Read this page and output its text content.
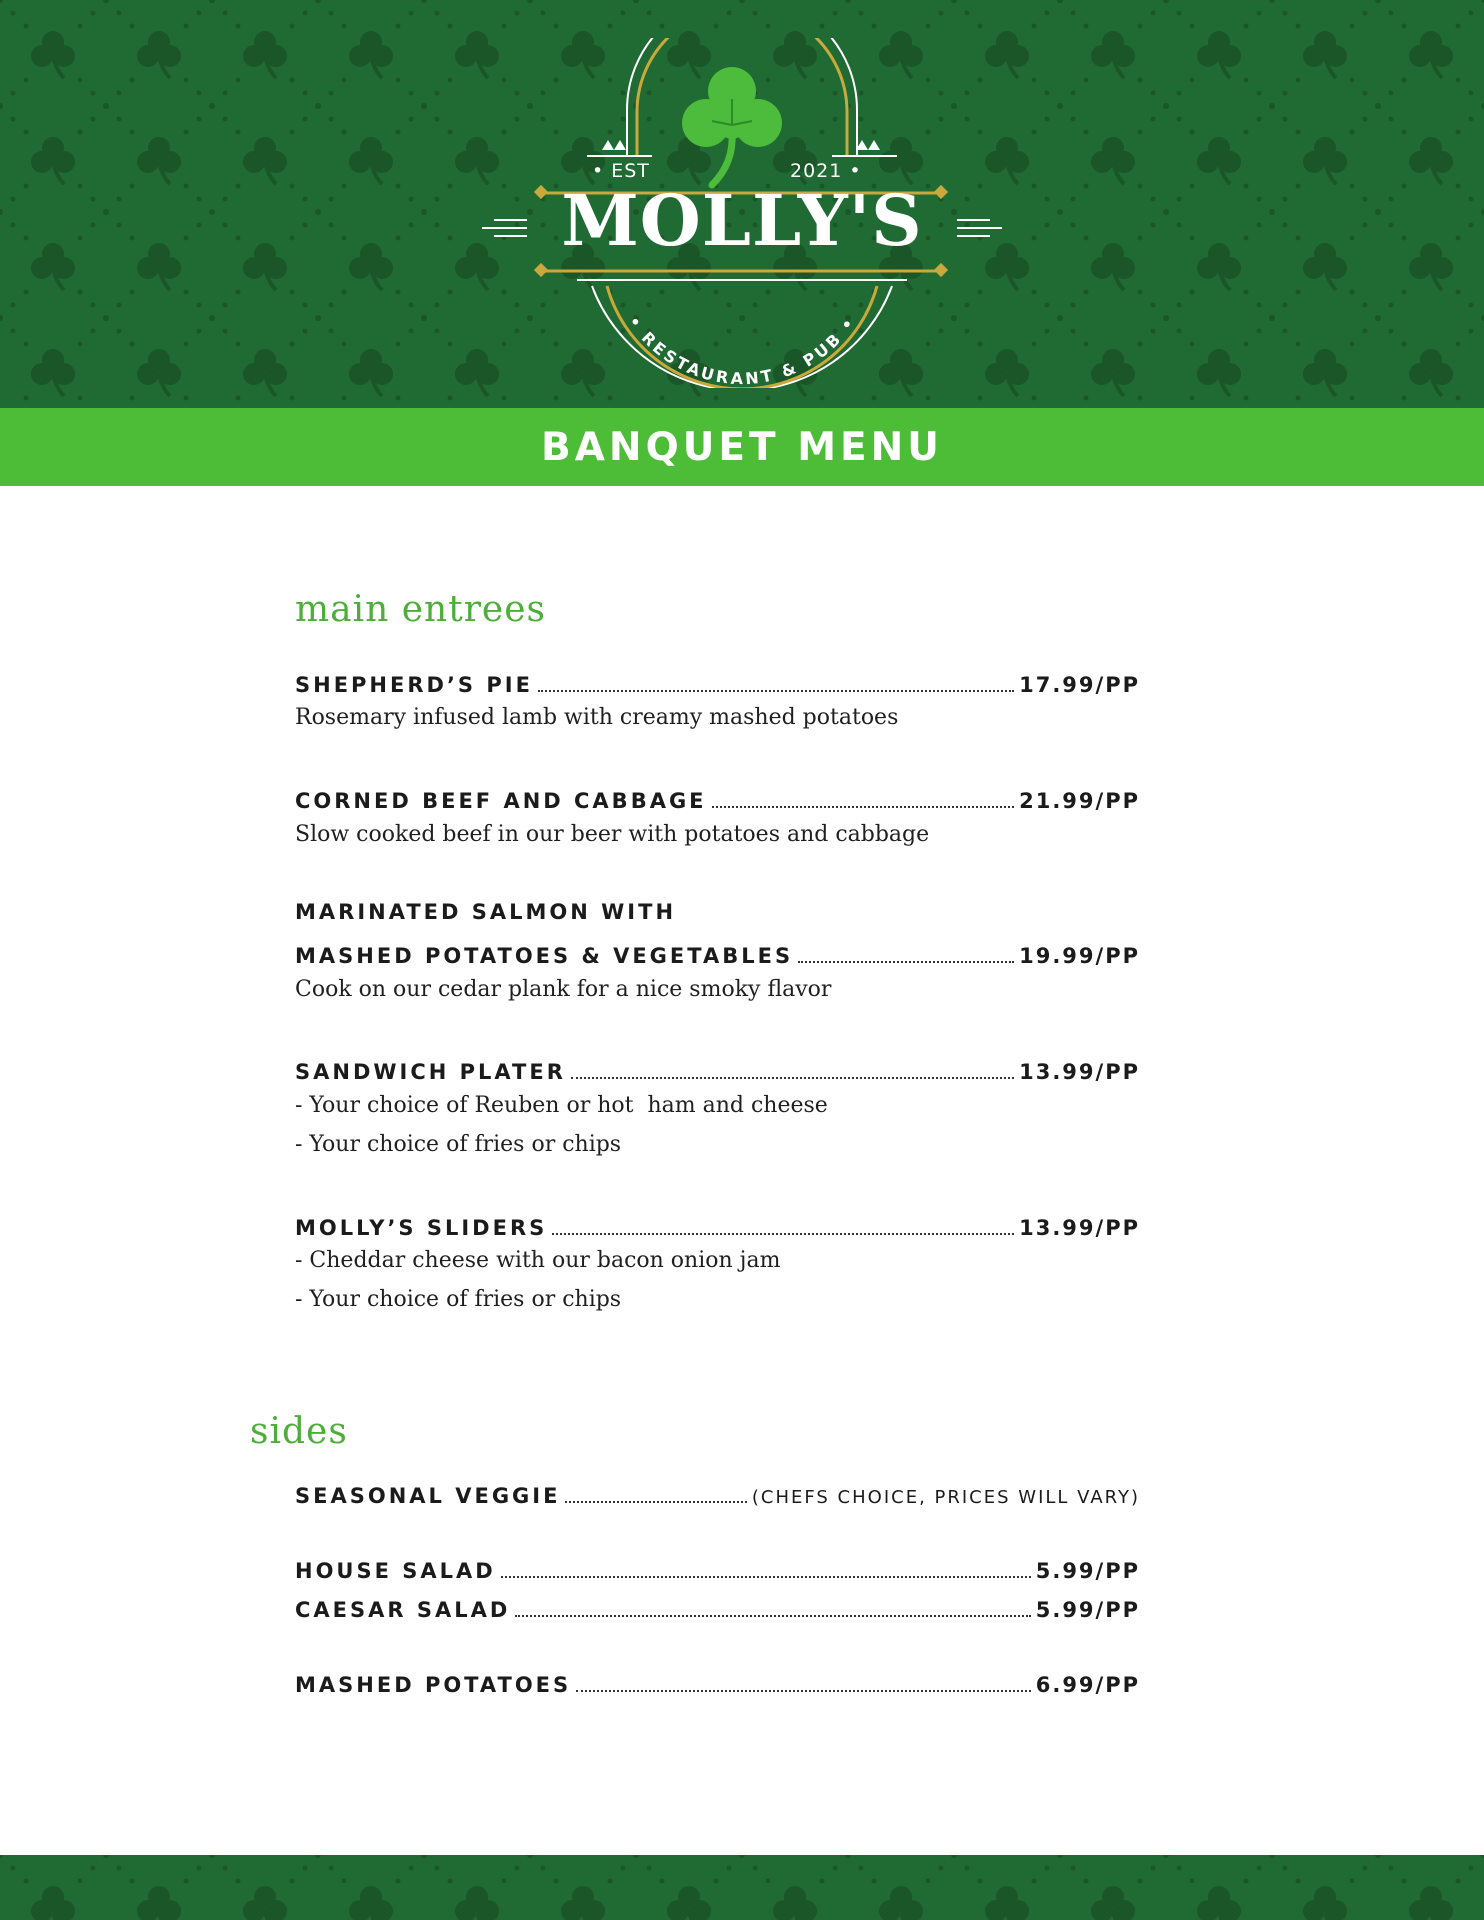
• RESTAURANT & PUB •
• EST	2021 •
MOLLY'S
BANQUET MENU
main entrees
SHEPHERD’S PIE	17.99/PP
Rosemary infused lamb with creamy mashed potatoes
CORNED BEEF AND CABBAGE	21.99/PP
Slow cooked beef in our beer with potatoes and cabbage
MARINATED SALMON WITH
MASHED POTATOES & VEGETABLES	19.99/PP
Cook on our cedar plank for a nice smoky flavor
SANDWICH PLATER	13.99/PP
- Your choice of Reuben or hot  ham and cheese
- Your choice of fries or chips
MOLLY’S SLIDERS	13.99/PP
- Cheddar cheese with our bacon onion jam
- Your choice of fries or chips
sides
SEASONAL VEGGIE	(CHEFS CHOICE, PRICES WILL VARY)
HOUSE SALAD	5.99/PP
CAESAR SALAD	5.99/PP
MASHED POTATOES	6.99/PP
